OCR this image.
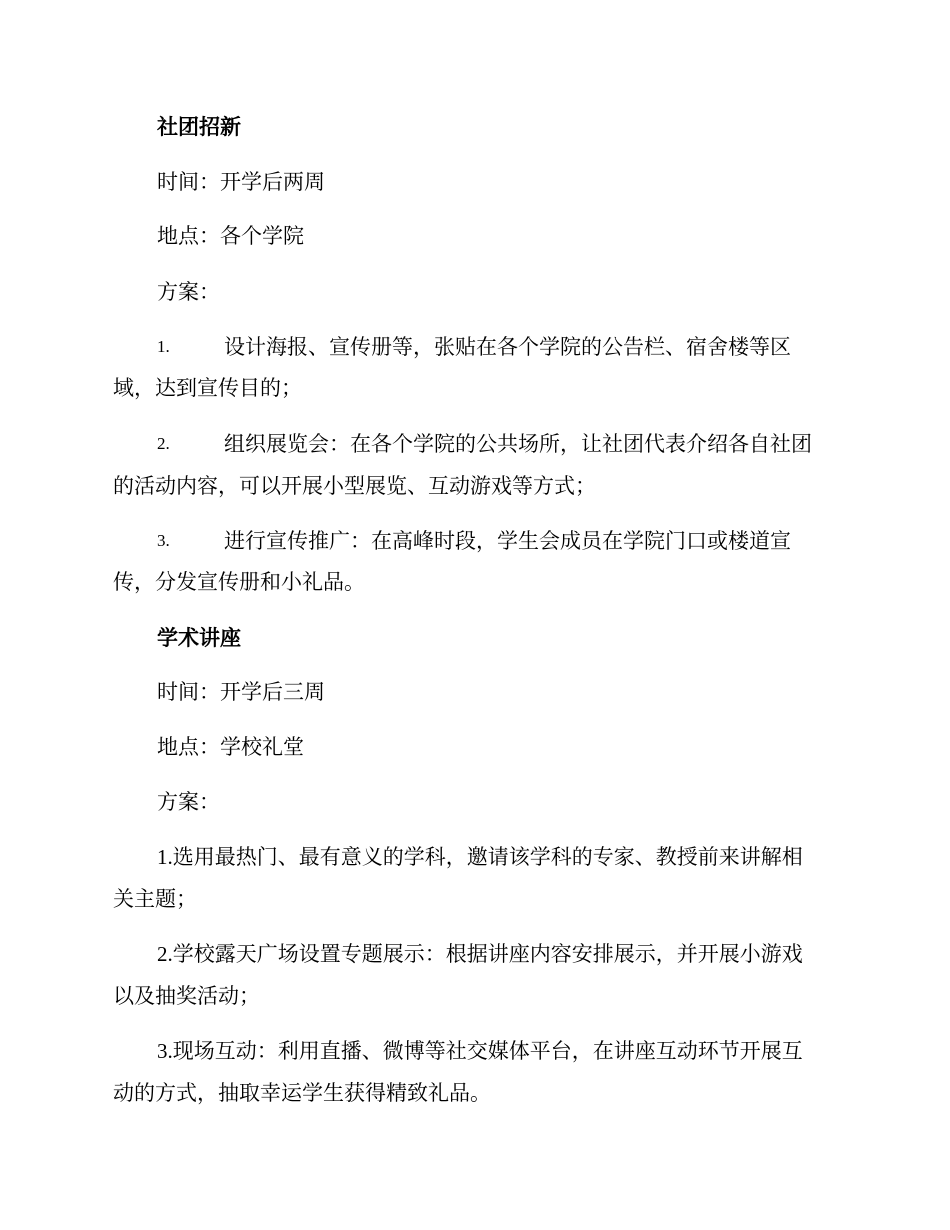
社团招新
时间：开学后两周
地点：各个学院
方案：
1.	设计海报、宣传册等，张贴在各个学院的公告栏、宿舍楼等区
域，达到宣传目的；
2.	组织展览会：在各个学院的公共场所，让社团代表介绍各自社团
的活动内容，可以开展小型展览、互动游戏等方式；
3.	进行宣传推广：在高峰时段，学生会成员在学院门口或楼道宣
传，分发宣传册和小礼品。
学术讲座
时间：开学后三周
地点：学校礼堂
方案：
1.选用最热门、最有意义的学科，邀请该学科的专家、教授前来讲解相
关主题；
2.学校露天广场设置专题展示：根据讲座内容安排展示，并开展小游戏
以及抽奖活动；
3.现场互动：利用直播、微博等社交媒体平台，在讲座互动环节开展互
动的方式，抽取幸运学生获得精致礼品。
